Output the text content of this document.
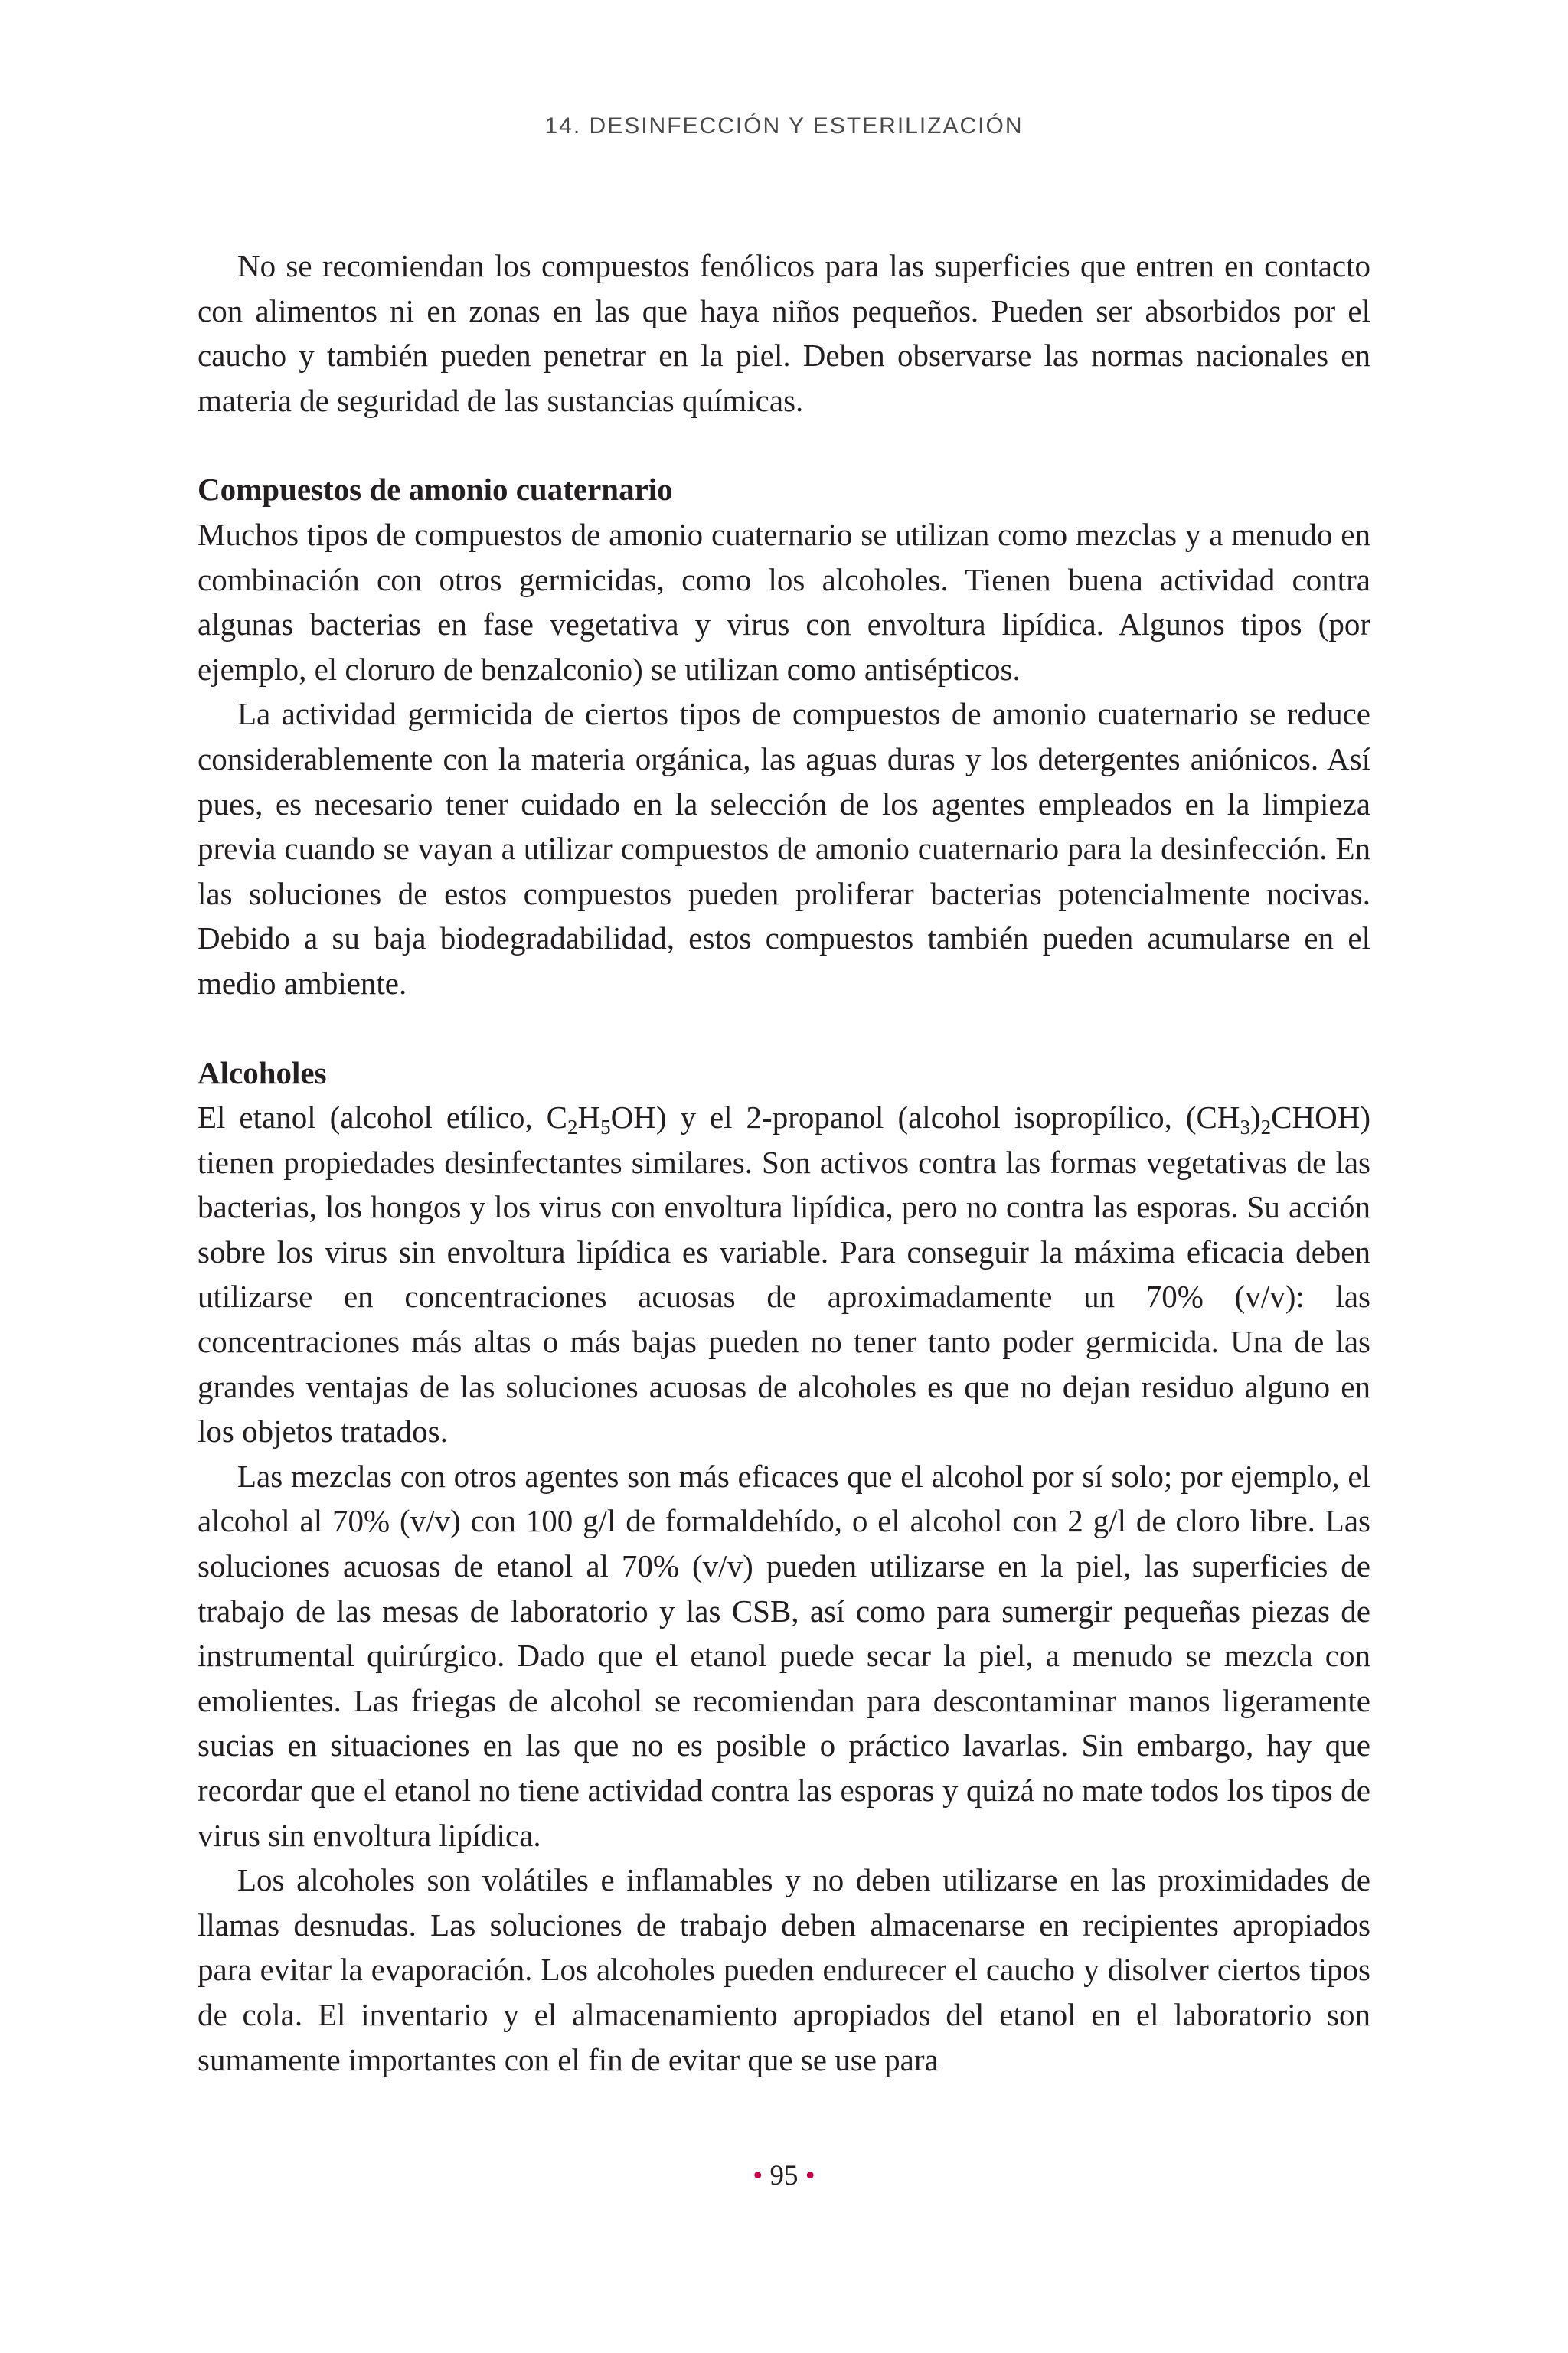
14. DESINFECCIÓN Y ESTERILIZACIÓN

No se recomiendan los compuestos fenólicos para las superficies que entren en contacto con alimentos ni en zonas en las que haya niños pequeños. Pueden ser absorbidos por el caucho y también pueden penetrar en la piel. Deben observarse las normas nacionales en materia de seguridad de las sustancias químicas.

Compuestos de amonio cuaternario

Muchos tipos de compuestos de amonio cuaternario se utilizan como mezclas y a menudo en combinación con otros germicidas, como los alcoholes. Tienen buena actividad contra algunas bacterias en fase vegetativa y virus con envoltura lipídica. Algunos tipos (por ejemplo, el cloruro de benzalconio) se utilizan como antisépticos.

La actividad germicida de ciertos tipos de compuestos de amonio cuaternario se reduce considerablemente con la materia orgánica, las aguas duras y los detergentes aniónicos. Así pues, es necesario tener cuidado en la selección de los agentes empleados en la limpieza previa cuando se vayan a utilizar compuestos de amonio cuaternario para la desinfección. En las soluciones de estos compuestos pueden proliferar bacterias potencialmente nocivas. Debido a su baja biodegradabilidad, estos compuestos también pueden acumularse en el medio ambiente.

Alcoholes

El etanol (alcohol etílico, $C_2H_5OH$) y el 2-propanol (alcohol isopropílico, $(CH_3)_2CHOH$) tienen propiedades desinfectantes similares. Son activos contra las formas vegetativas de las bacterias, los hongos y los virus con envoltura lipídica, pero no contra las esporas. Su acción sobre los virus sin envoltura lipídica es variable. Para conseguir la máxima eficacia deben utilizarse en concentraciones acuosas de aproximadamente un 70% (v/v): las concentraciones más altas o más bajas pueden no tener tanto poder germicida. Una de las grandes ventajas de las soluciones acuosas de alcoholes es que no dejan residuo alguno en los objetos tratados.

Las mezclas con otros agentes son más eficaces que el alcohol por sí solo; por ejemplo, el alcohol al 70% (v/v) con 100 g/l de formaldehído, o el alcohol con 2 g/l de cloro libre. Las soluciones acuosas de etanol al 70% (v/v) pueden utilizarse en la piel, las superficies de trabajo de las mesas de laboratorio y las CSB, así como para sumergir pequeñas piezas de instrumental quirúrgico. Dado que el etanol puede secar la piel, a menudo se mezcla con emolientes. Las friegas de alcohol se recomiendan para descontaminar manos ligeramente sucias en situaciones en las que no es posible o práctico lavarlas. Sin embargo, hay que recordar que el etanol no tiene actividad contra las esporas y quizá no mate todos los tipos de virus sin envoltura lipídica.

Los alcoholes son volátiles e inflamables y no deben utilizarse en las proximidades de llamas desnudas. Las soluciones de trabajo deben almacenarse en recipientes apropiados para evitar la evaporación. Los alcoholes pueden endurecer el caucho y disolver ciertos tipos de cola. El inventario y el almacenamiento apropiados del etanol en el laboratorio son sumamente importantes con el fin de evitar que se use para

• 95 •
